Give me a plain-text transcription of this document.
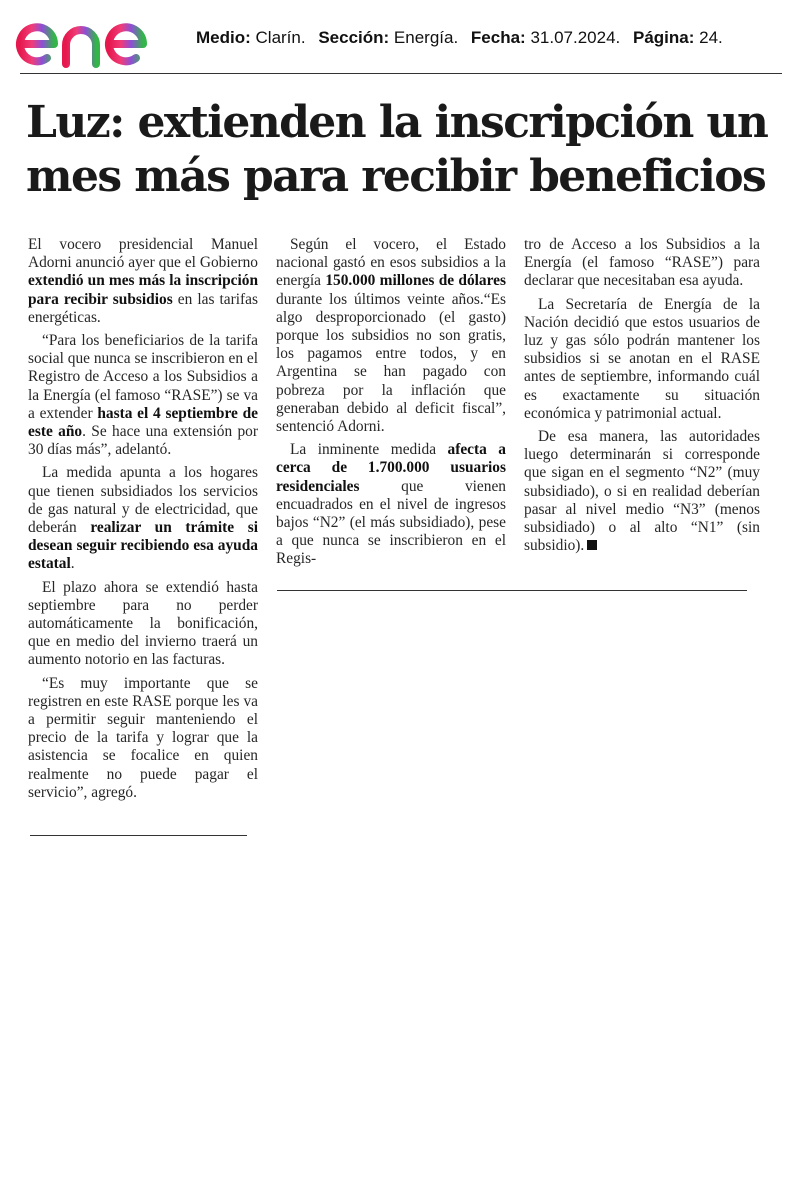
Medio: Clarín. Sección: Energía. Fecha: 31.07.2024. Página: 24.
Luz: extienden la inscripción un
mes más para recibir beneficios

El vocero presidencial Manuel Adorni anunció ayer que el Gobierno extendió un mes más la inscripción para recibir subsidios en las tarifas energéticas.

“Para los beneficiarios de la tarifa social que nunca se inscribieron en el Registro de Acceso a los Subsidios a la Energía (el famoso “RASE”) se va a extender hasta el 4 septiembre de este año. Se hace una extensión por 30 días más”, adelantó.

La medida apunta a los hogares que tienen subsidiados los servicios de gas natural y de electricidad, que deberán realizar un trámite si desean seguir recibiendo esa ayuda estatal.

El plazo ahora se extendió hasta septiembre para no perder automáticamente la bonificación, que en medio del invierno traerá un aumento notorio en las facturas.

“Es muy importante que se registren en este RASE porque les va a permitir seguir manteniendo el precio de la tarifa y lograr que la asistencia se focalice en quien realmente no puede pagar el servicio”, agregó.

Según el vocero, el Estado nacional gastó en esos subsidios a la energía 150.000 millones de dólares durante los últimos veinte años.“Es algo desproporcionado (el gasto) porque los subsidios no son gratis, los pagamos entre todos, y en Argentina se han pagado con pobreza por la inflación que generaban debido al deficit fiscal”, sentenció Adorni.

La inminente medida afecta a cerca de 1.700.000 usuarios residenciales que vienen encuadrados en el nivel de ingresos bajos “N2” (el más subsidiado), pese a que nunca se inscribieron en el Regis-

tro de Acceso a los Subsidios a la Energía (el famoso “RASE”) para declarar que necesitaban esa ayuda.

La Secretaría de Energía de la Nación decidió que estos usuarios de luz y gas sólo podrán mantener los subsidios si se anotan en el RASE antes de septiembre, informando cuál es exactamente su situación económica y patrimonial actual.

De esa manera, las autoridades luego determinarán si corresponde que sigan en el segmento “N2” (muy subsidiado), o si en realidad deberían pasar al nivel medio “N3” (menos subsidiado) o al alto “N1” (sin subsidio).
